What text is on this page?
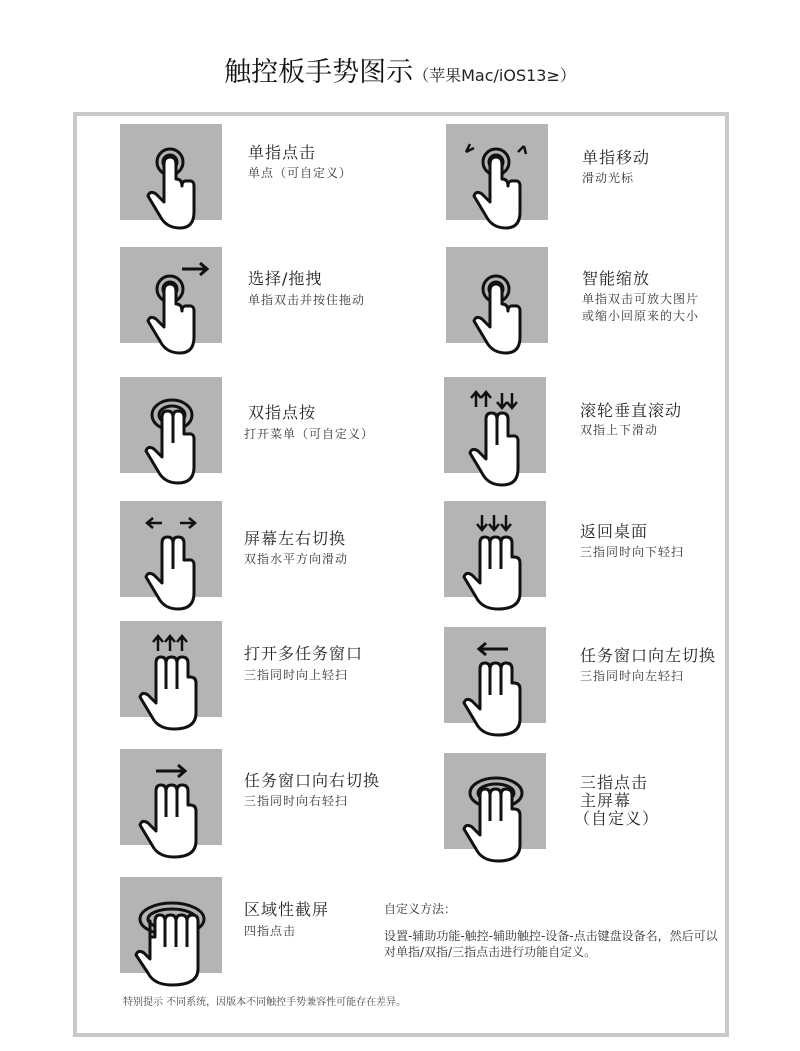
触控板手势图示（苹果Mac/iOS13≥）
单指点击
单点（可自定义）
单指移动
滑动光标
选择/拖拽
单指双击并按住拖动
智能缩放
单指双击可放大图片
或缩小回原来的大小
双指点按
打开菜单（可自定义）
滚轮垂直滚动
双指上下滑动
屏幕左右切换
双指水平方向滑动
返回桌面
三指同时向下轻扫
打开多任务窗口
三指同时向上轻扫
任务窗口向左切换
三指同时向左轻扫
任务窗口向右切换
三指同时向右轻扫
三指点击
主屏幕
（自定义）
区域性截屏
四指点击
自定义方法：
设置-辅助功能-触控-辅助触控-设备-点击键盘设备名，然后可以对单指/双指/三指点击进行功能自定义。
特别提示 不同系统，因版本不同触控手势兼容性可能存在差异。
